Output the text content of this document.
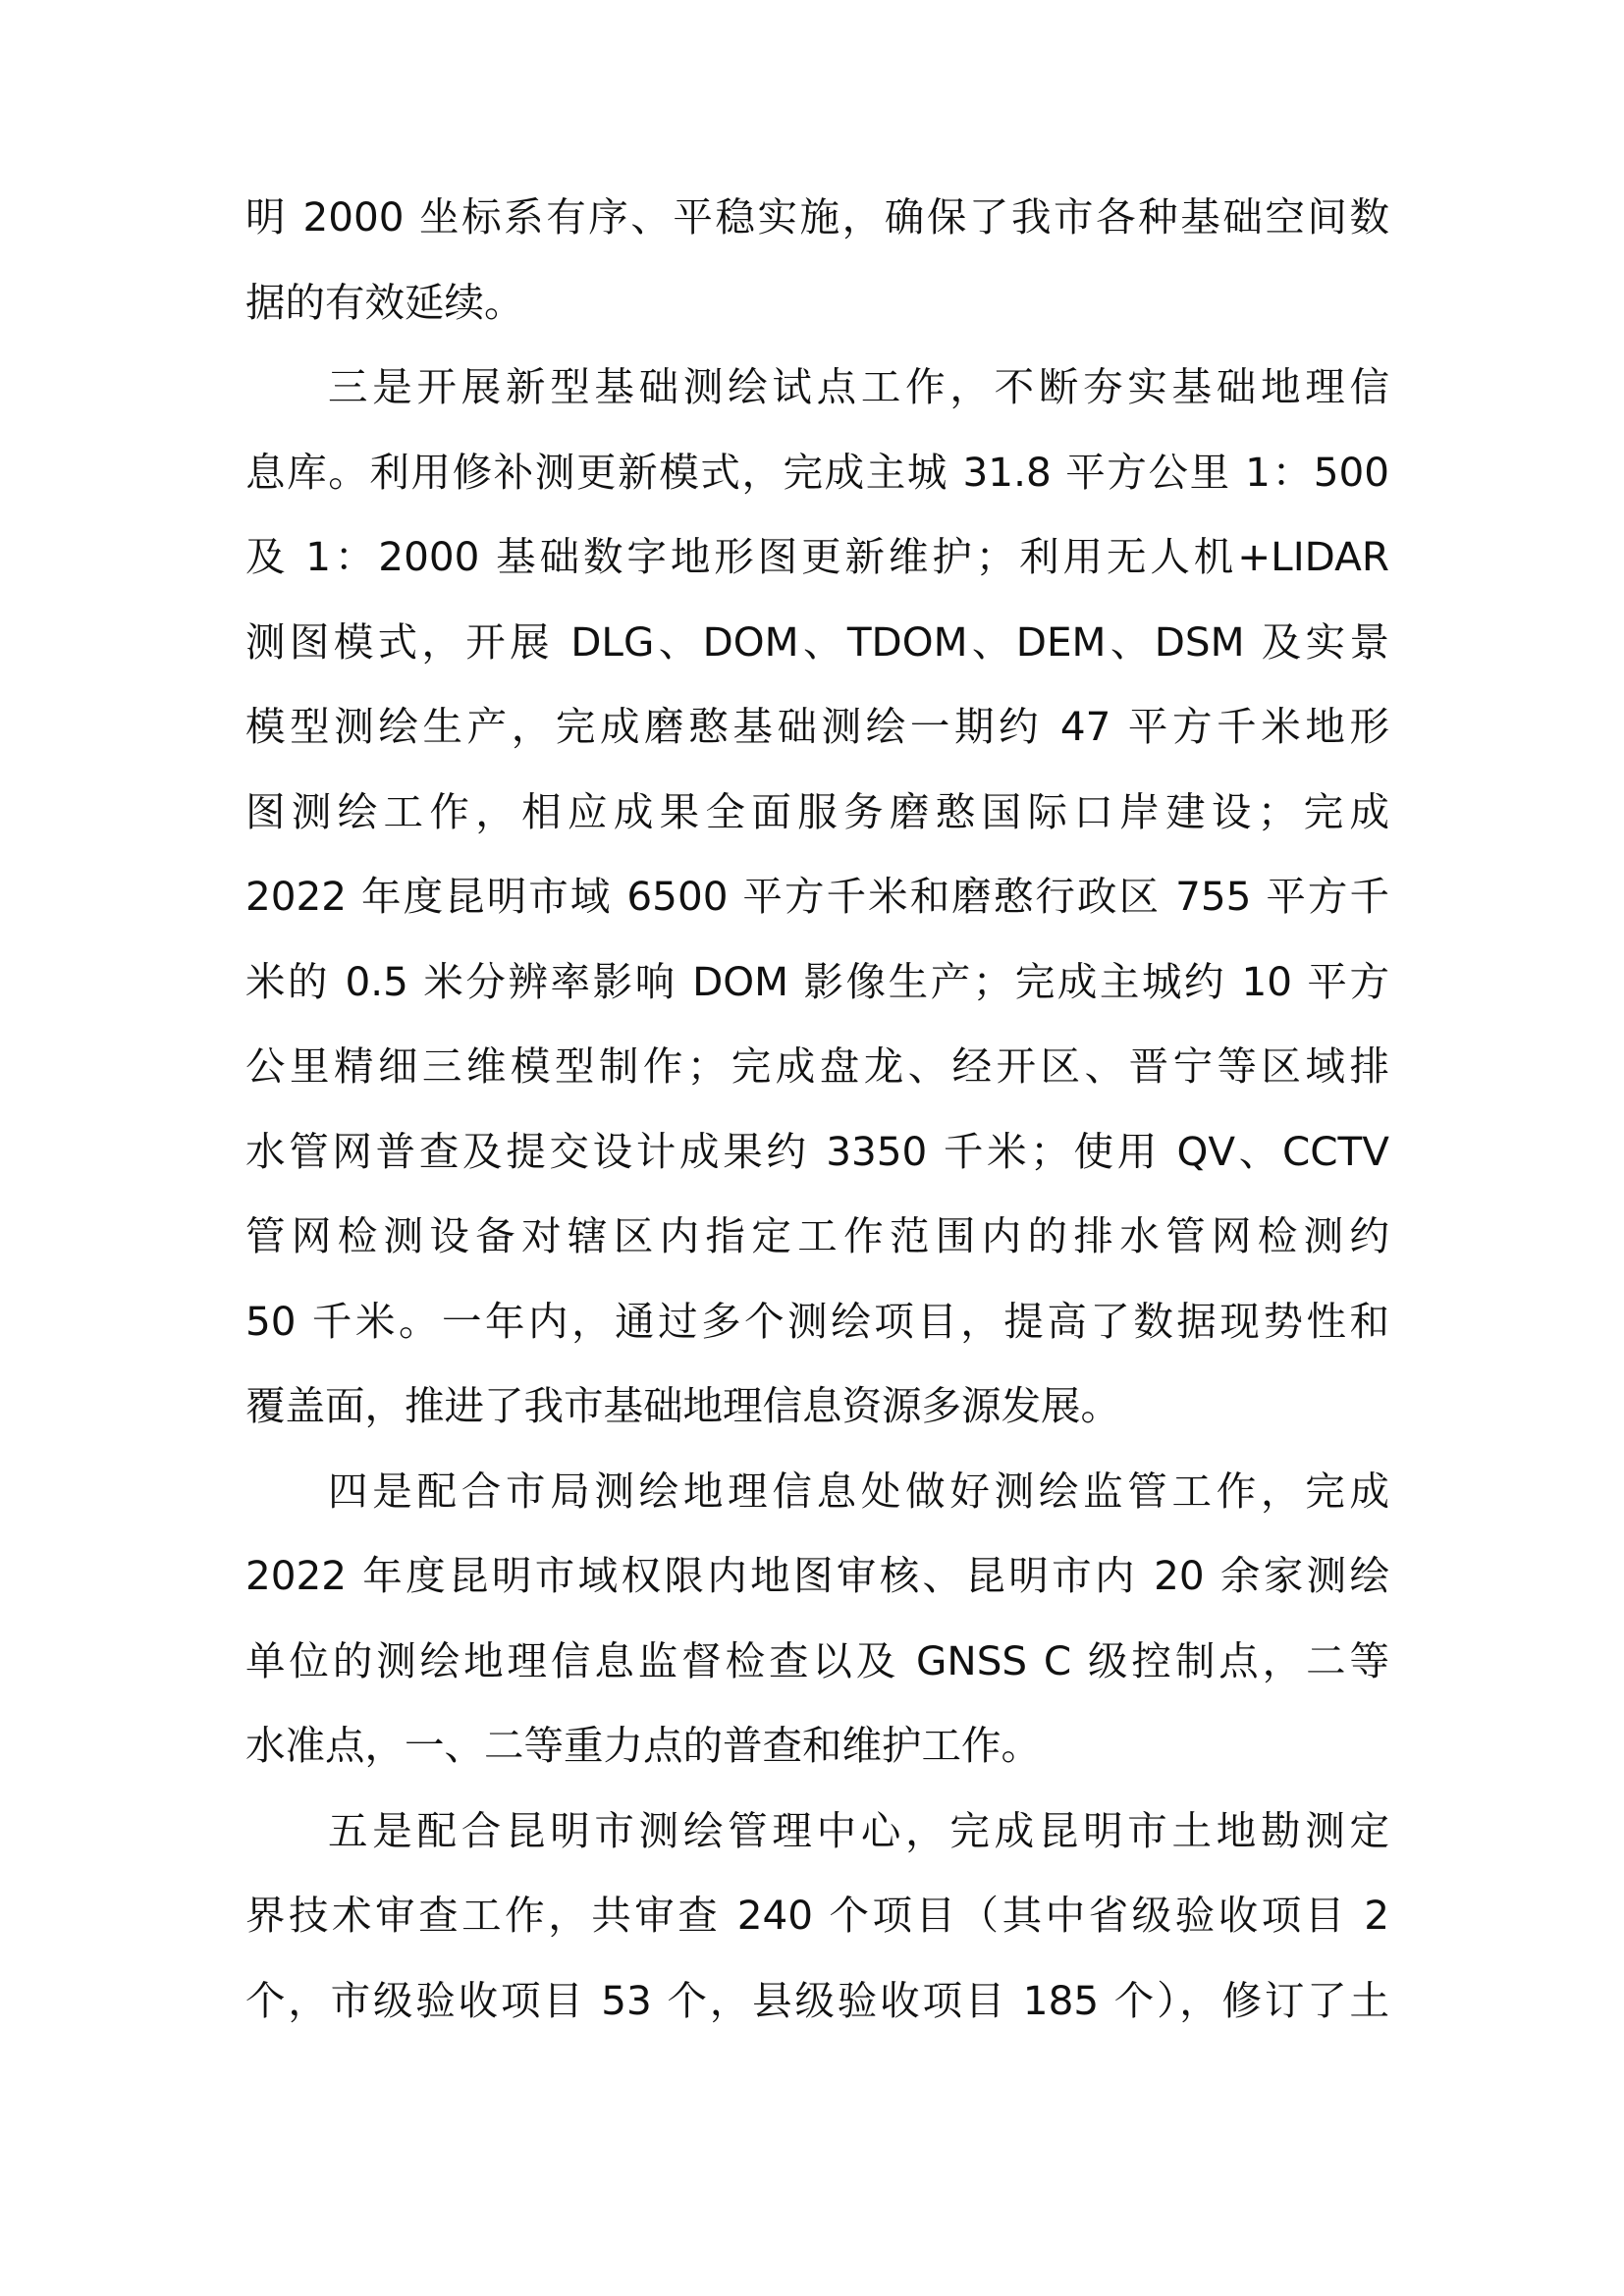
明 2000 坐标系有序、平稳实施，确保了我市各种基础空间数
据的有效延续。
三是开展新型基础测绘试点工作，不断夯实基础地理信
息库。利用修补测更新模式，完成主城 31.8 平方公里 1：500
及 1：2000 基础数字地形图更新维护；利用无人机+LIDAR
测图模式，开展 DLG、DOM、TDOM、DEM、DSM 及实景
模型测绘生产，完成磨憨基础测绘一期约 47 平方千米地形
图测绘工作，相应成果全面服务磨憨国际口岸建设；完成
2022 年度昆明市域 6500 平方千米和磨憨行政区 755 平方千
米的 0.5 米分辨率影响 DOM 影像生产；完成主城约 10 平方
公里精细三维模型制作；完成盘龙、经开区、晋宁等区域排
水管网普查及提交设计成果约 3350 千米；使用 QV、CCTV
管网检测设备对辖区内指定工作范围内的排水管网检测约
50 千米。一年内，通过多个测绘项目，提高了数据现势性和
覆盖面，推进了我市基础地理信息资源多源发展。
四是配合市局测绘地理信息处做好测绘监管工作，完成
2022 年度昆明市域权限内地图审核、昆明市内 20 余家测绘
单位的测绘地理信息监督检查以及 GNSS C 级控制点，二等
水准点，一、二等重力点的普查和维护工作。
五是配合昆明市测绘管理中心，完成昆明市土地勘测定
界技术审查工作，共审查 240 个项目（其中省级验收项目 2
个，市级验收项目 53 个，县级验收项目 185 个），修订了土
